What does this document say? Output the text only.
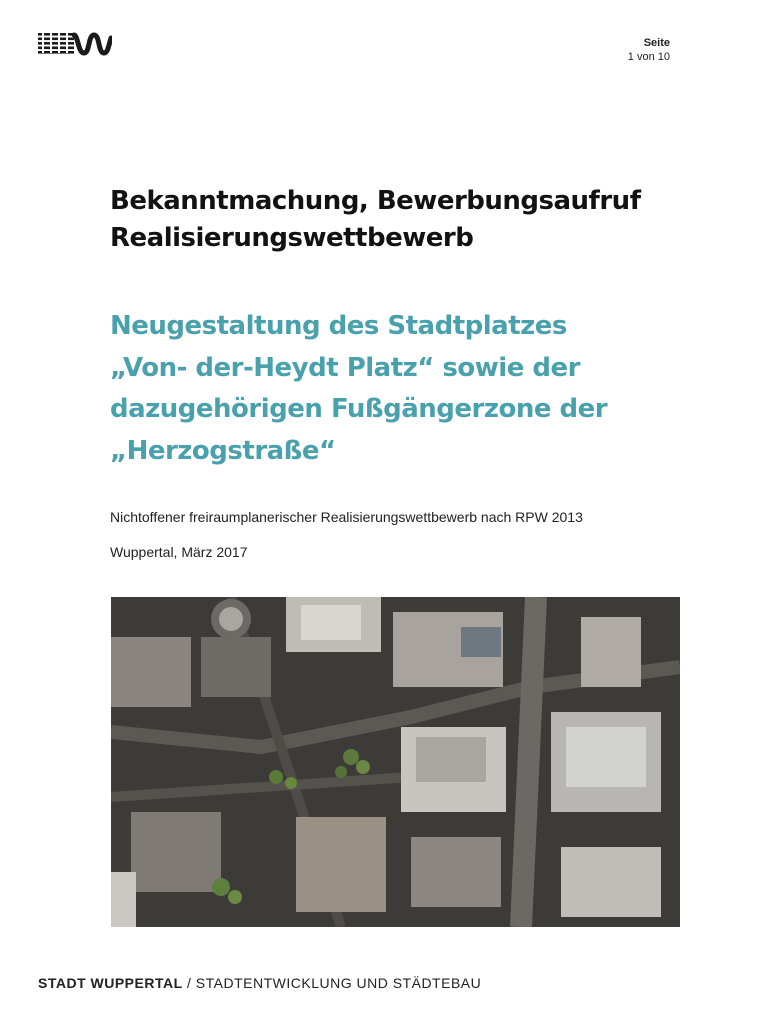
Seite
1 von 10
Bekanntmachung, Bewerbungsaufruf
Realisierungswettbewerb
Neugestaltung des Stadtplatzes
„Von- der-Heydt Platz“ sowie der
dazugehörigen Fußgängerzone der
„Herzogstraße“
Nichtoffener freiraumplanerischer Realisierungswettbewerb nach RPW 2013
Wuppertal, März 2017
STADT WUPPERTAL / STADTENTWICKLUNG UND STÄDTEBAU
